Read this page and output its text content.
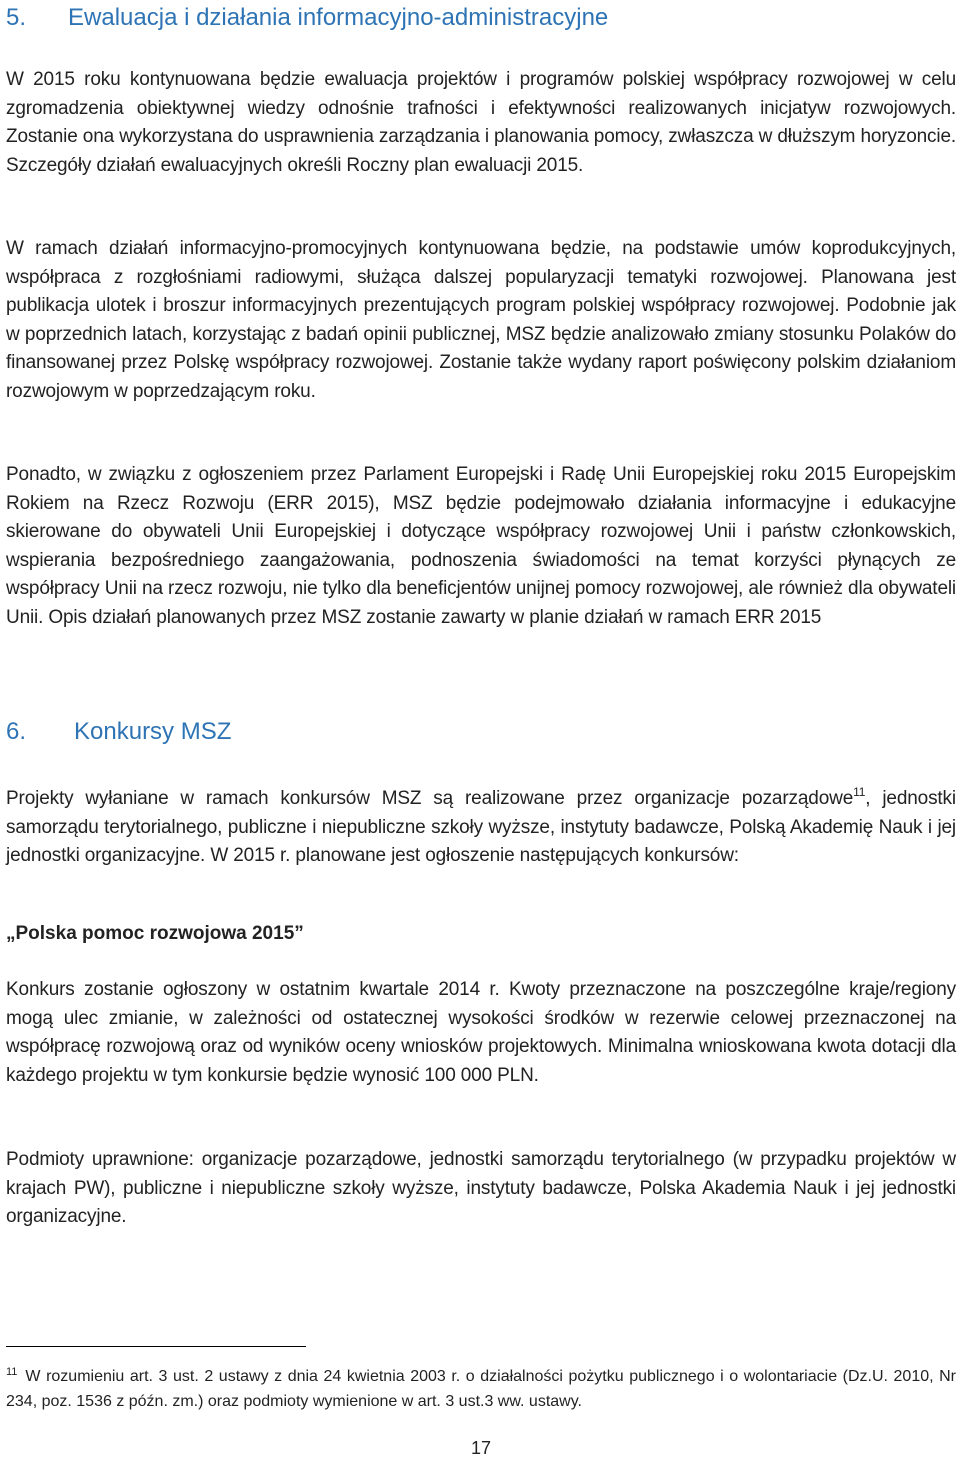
5. Ewaluacja i działania informacyjno-administracyjne

W 2015 roku kontynuowana będzie ewaluacja projektów i programów polskiej współpracy rozwojowej w celu zgromadzenia obiektywnej wiedzy odnośnie trafności i efektywności realizowanych inicjatyw rozwojowych. Zostanie ona wykorzystana do usprawnienia zarządzania i planowania pomocy, zwłaszcza w dłuższym horyzoncie. Szczegóły działań ewaluacyjnych określi Roczny plan ewaluacji 2015.

W ramach działań informacyjno-promocyjnych kontynuowana będzie, na podstawie umów koprodukcyjnych, współpraca z rozgłośniami radiowymi, służąca dalszej popularyzacji tematyki rozwojowej. Planowana jest publikacja ulotek i broszur informacyjnych prezentujących program polskiej współpracy rozwojowej. Podobnie jak w poprzednich latach, korzystając z badań opinii publicznej, MSZ będzie analizowało zmiany stosunku Polaków do finansowanej przez Polskę współpracy rozwojowej. Zostanie także wydany raport poświęcony polskim działaniom rozwojowym w poprzedzającym roku.

Ponadto, w związku z ogłoszeniem przez Parlament Europejski i Radę Unii Europejskiej roku 2015 Europejskim Rokiem na Rzecz Rozwoju (ERR 2015), MSZ będzie podejmowało działania informacyjne i edukacyjne skierowane do obywateli Unii Europejskiej i dotyczące współpracy rozwojowej Unii i państw członkowskich, wspierania bezpośredniego zaangażowania, podnoszenia świadomości na temat korzyści płynących ze współpracy Unii na rzecz rozwoju, nie tylko dla beneficjentów unijnej pomocy rozwojowej, ale również dla obywateli Unii. Opis działań planowanych przez MSZ zostanie zawarty w planie działań w ramach ERR 2015

6. Konkursy MSZ

Projekty wyłaniane w ramach konkursów MSZ są realizowane przez organizacje pozarządowe$^{11}$, jednostki samorządu terytorialnego, publiczne i niepubliczne szkoły wyższe, instytuty badawcze, Polską Akademię Nauk i jej jednostki organizacyjne. W 2015 r. planowane jest ogłoszenie następujących konkursów:

„Polska pomoc rozwojowa 2015”

Konkurs zostanie ogłoszony w ostatnim kwartale 2014 r. Kwoty przeznaczone na poszczególne kraje/regiony mogą ulec zmianie, w zależności od ostatecznej wysokości środków w rezerwie celowej przeznaczonej na współpracę rozwojową oraz od wyników oceny wniosków projektowych. Minimalna wnioskowana kwota dotacji dla każdego projektu w tym konkursie będzie wynosić 100 000 PLN.

Podmioty uprawnione: organizacje pozarządowe, jednostki samorządu terytorialnego (w przypadku projektów w krajach PW), publiczne i niepubliczne szkoły wyższe, instytuty badawcze, Polska Akademia Nauk i jej jednostki organizacyjne.

$^{11}$ W rozumieniu art. 3 ust. 2 ustawy z dnia 24 kwietnia 2003 r. o działalności pożytku publicznego i o wolontariacie (Dz.U. 2010, Nr 234, poz. 1536 z późn. zm.) oraz podmioty wymienione w art. 3 ust.3 ww. ustawy.

17
